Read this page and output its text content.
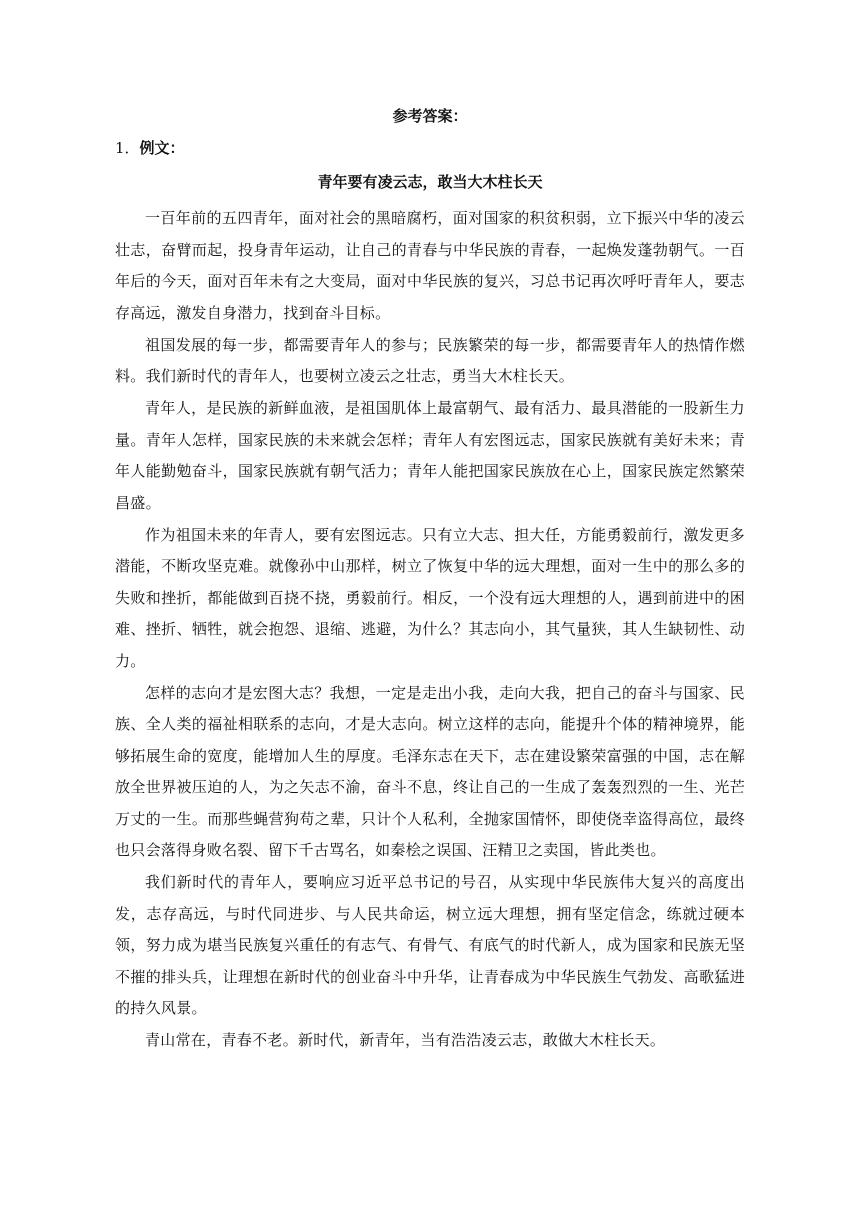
参考答案：
1．例文：
青年要有凌云志，敢当大木柱长天

一百年前的五四青年，面对社会的黑暗腐朽，面对国家的积贫积弱，立下振兴中华的凌云壮志，奋臂而起，投身青年运动，让自己的青春与中华民族的青春，一起焕发蓬勃朝气。一百年后的今天，面对百年未有之大变局，面对中华民族的复兴，习总书记再次呼吁青年人，要志存高远，激发自身潜力，找到奋斗目标。

祖国发展的每一步，都需要青年人的参与；民族繁荣的每一步，都需要青年人的热情作燃料。我们新时代的青年人，也要树立凌云之壮志，勇当大木柱长天。

青年人，是民族的新鲜血液，是祖国肌体上最富朝气、最有活力、最具潜能的一股新生力量。青年人怎样，国家民族的未来就会怎样；青年人有宏图远志，国家民族就有美好未来；青年人能勤勉奋斗，国家民族就有朝气活力；青年人能把国家民族放在心上，国家民族定然繁荣昌盛。

作为祖国未来的年青人，要有宏图远志。只有立大志、担大任，方能勇毅前行，激发更多潜能，不断攻坚克难。就像孙中山那样，树立了恢复中华的远大理想，面对一生中的那么多的失败和挫折，都能做到百挠不挠，勇毅前行。相反，一个没有远大理想的人，遇到前进中的困难、挫折、牺牲，就会抱怨、退缩、逃避，为什么？其志向小，其气量狭，其人生缺韧性、动力。

怎样的志向才是宏图大志？我想，一定是走出小我，走向大我，把自己的奋斗与国家、民族、全人类的福祉相联系的志向，才是大志向。树立这样的志向，能提升个体的精神境界，能够拓展生命的宽度，能增加人生的厚度。毛泽东志在天下，志在建设繁荣富强的中国，志在解放全世界被压迫的人，为之矢志不渝，奋斗不息，终让自己的一生成了轰轰烈烈的一生、光芒万丈的一生。而那些蝇营狗苟之辈，只计个人私利，全抛家国情怀，即使侥幸盗得高位，最终也只会落得身败名裂、留下千古骂名，如秦桧之误国、汪精卫之卖国，皆此类也。

我们新时代的青年人，要响应习近平总书记的号召，从实现中华民族伟大复兴的高度出发，志存高远，与时代同进步、与人民共命运，树立远大理想，拥有坚定信念，练就过硬本领，努力成为堪当民族复兴重任的有志气、有骨气、有底气的时代新人，成为国家和民族无坚不摧的排头兵，让理想在新时代的创业奋斗中升华，让青春成为中华民族生气勃发、高歌猛进的持久风景。

青山常在，青春不老。新时代，新青年，当有浩浩凌云志，敢做大木柱长天。
